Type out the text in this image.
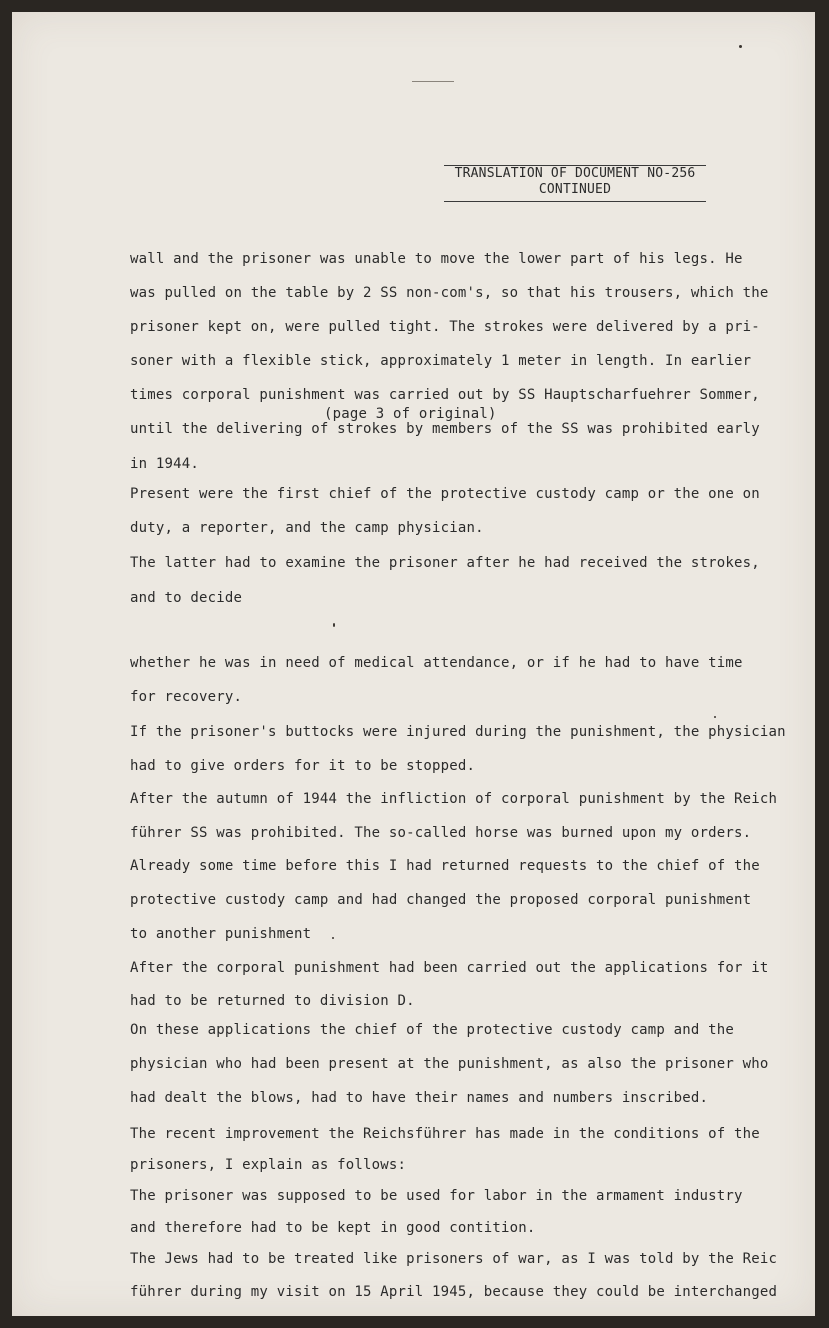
TRANSLATION OF DOCUMENT NO-256
CONTINUED
(page 3 of original)
wall and the prisoner was unable to move the lower part of his legs. He
was pulled on the table by 2 SS non-com's, so that his trousers, which the
prisoner kept on, were pulled tight. The strokes were delivered by a pri-
soner with a flexible stick, approximately 1 meter in length. In earlier
times corporal punishment was carried out by SS Hauptscharfuehrer Sommer,
until the delivering of strokes by members of the SS was prohibited early
in 1944.
Present were the first chief of the protective custody camp or the one on
duty, a reporter, and the camp physician.
The latter had to examine the prisoner after he had received the strokes,
and to decide
whether he was in need of medical attendance, or if he had to have time
for recovery.
If the prisoner's buttocks were injured during the punishment, the physician
had to give orders for it to be stopped.
After the autumn of 1944 the infliction of corporal punishment by the Reich
führer SS was prohibited. The so-called horse was burned upon my orders.
Already some time before this I had returned requests to the chief of the
protective custody camp and had changed the proposed corporal punishment
to another punishment
After the corporal punishment had been carried out the applications for it
had to be returned to division D.
On these applications the chief of the protective custody camp and the
physician who had been present at the punishment, as also the prisoner who
had dealt the blows, had to have their names and numbers inscribed.
The recent improvement the Reichsführer has made in the conditions of the
prisoners, I explain as follows:
The prisoner was supposed to be used for labor in the armament industry
and therefore had to be kept in good contition.
The Jews had to be treated like prisoners of war, as I was told by the Reic
führer during my visit on 15 April 1945, because they could be interchanged
